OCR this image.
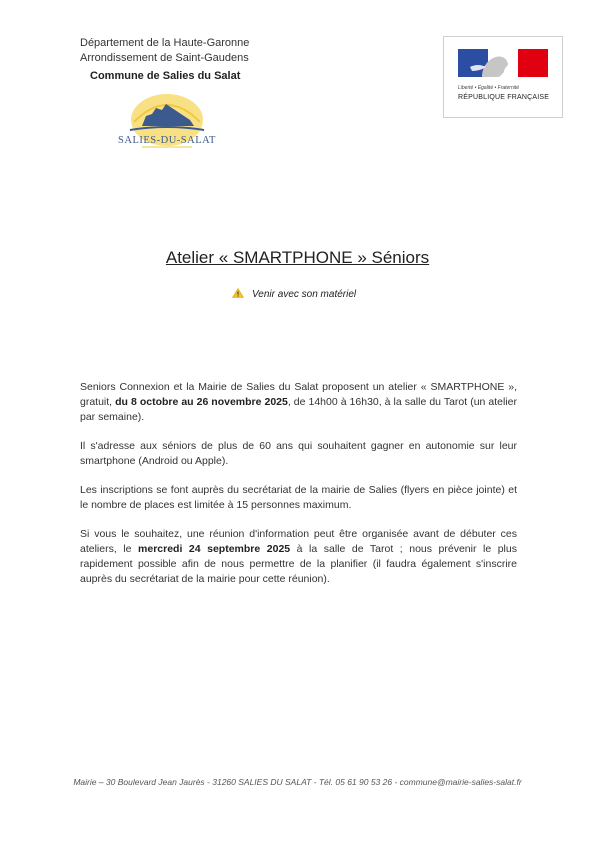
Département de la Haute-Garonne
Arrondissement de Saint-Gaudens
Commune de Salies du Salat
SALIES-DU-SALAT
Liberté • Égalité • Fraternité
RÉPUBLIQUE FRANÇAISE
Atelier « SMARTPHONE » Séniors
Venir avec son matériel

Seniors Connexion et la Mairie de Salies du Salat proposent un atelier « SMARTPHONE », gratuit, du 8 octobre au 26 novembre 2025, de 14h00 à 16h30, à la salle du Tarot (un atelier par semaine).

Il s'adresse aux séniors de plus de 60 ans qui souhaitent gagner en autonomie sur leur smartphone (Android ou Apple).

Les inscriptions se font auprès du secrétariat de la mairie de Salies (flyers en pièce jointe) et le nombre de places est limitée à 15 personnes maximum.

Si vous le souhaitez, une réunion d'information peut être organisée avant de débuter ces ateliers, le mercredi 24 septembre 2025 à la salle de Tarot ; nous prévenir le plus rapidement possible afin de nous permettre de la planifier (il faudra également s'inscrire auprès du secrétariat de la mairie pour cette réunion).

Mairie – 30 Boulevard Jean Jaurès - 31260 SALIES DU SALAT - Tél. 05 61 90 53 26 - commune@mairie-salies-salat.fr
